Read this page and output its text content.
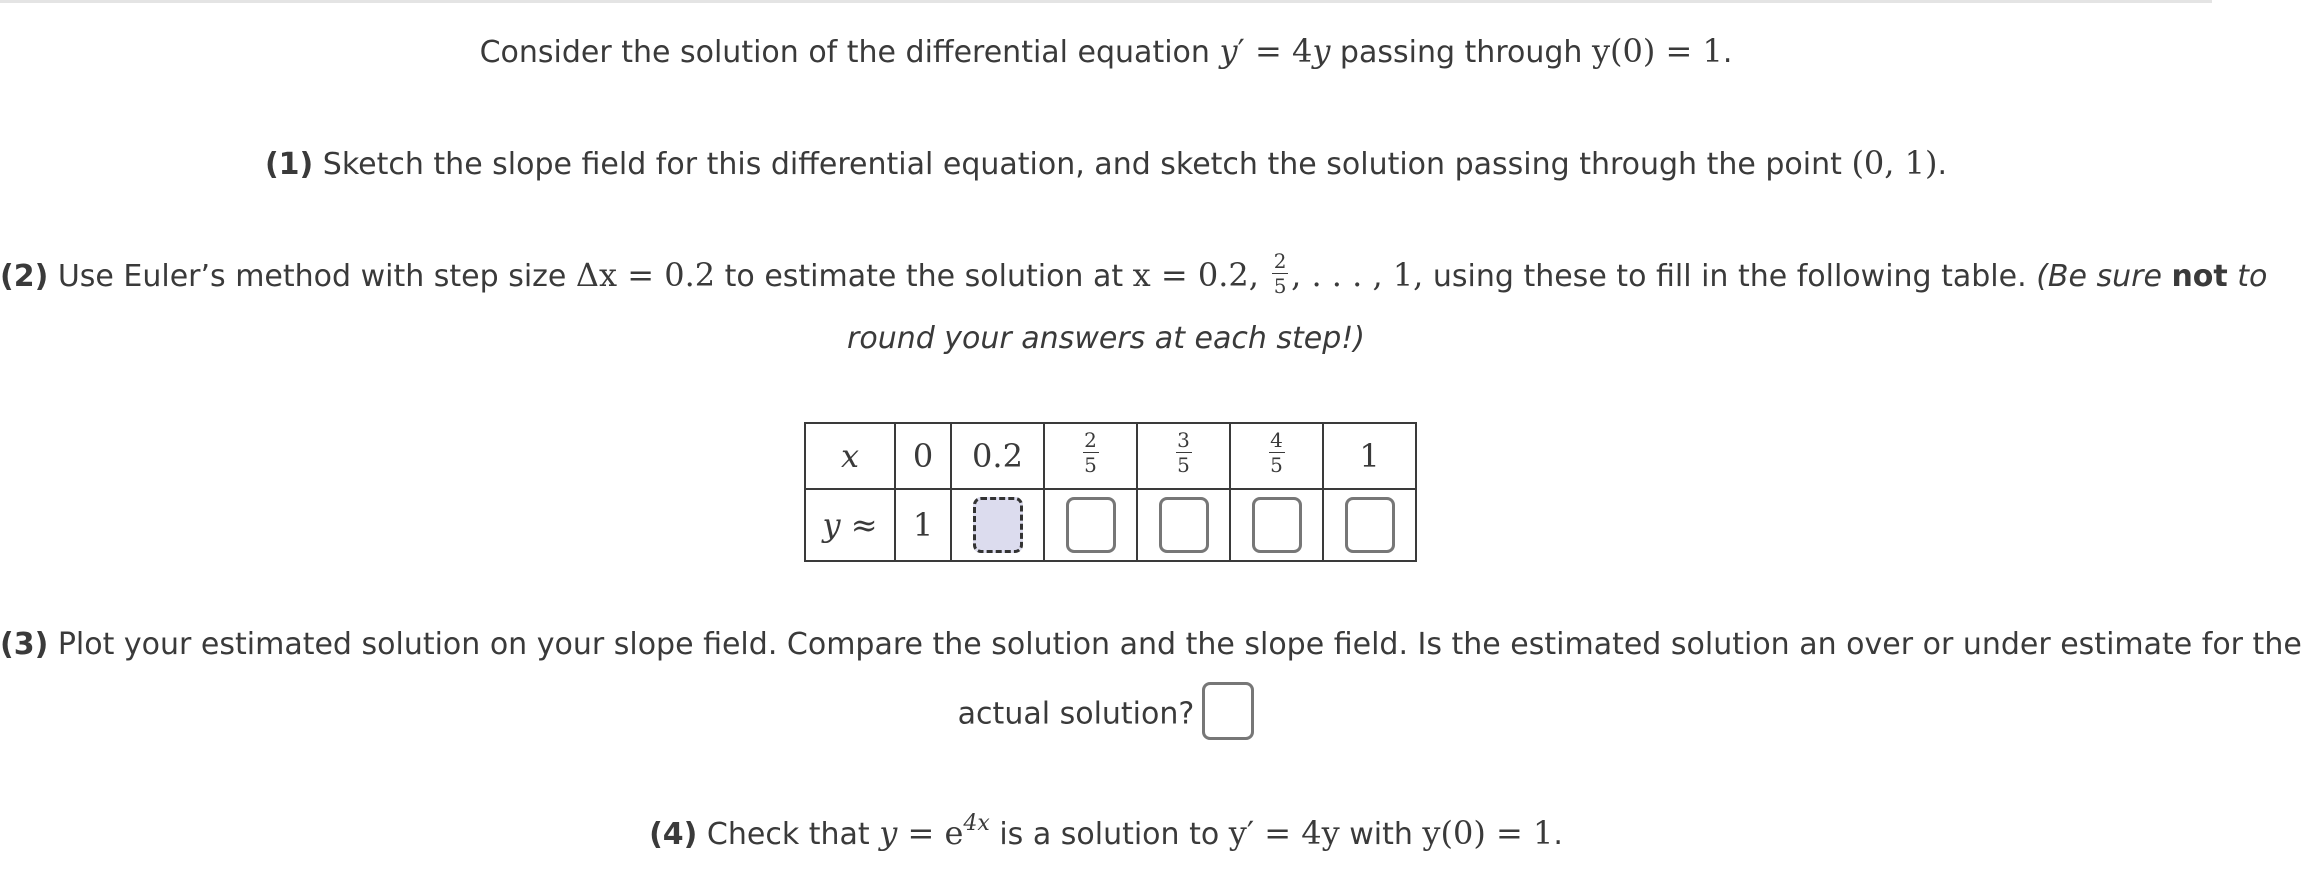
Consider the solution of the differential equation y′ = 4y passing through y(0) = 1.
(1) Sketch the slope field for this differential equation, and sketch the solution passing through the point (0, 1).
(2) Use Euler’s method with step size Δx = 0.2 to estimate the solution at x = 0.2, $\frac{2}{5}$ , . . . , 1, using these to fill in the following table. (Be sure not to
round your answers at each step!)
x	0	0.2	$\frac{2}{5}$	$\frac{3}{5}$	$\frac{4}{5}$	1
y ≈	1					
(3) Plot your estimated solution on your slope field. Compare the solution and the slope field. Is the estimated solution an over or under estimate for the
actual solution?
(4) Check that $y = e^{4x}$ is a solution to y′ = 4y with y(0) = 1.
